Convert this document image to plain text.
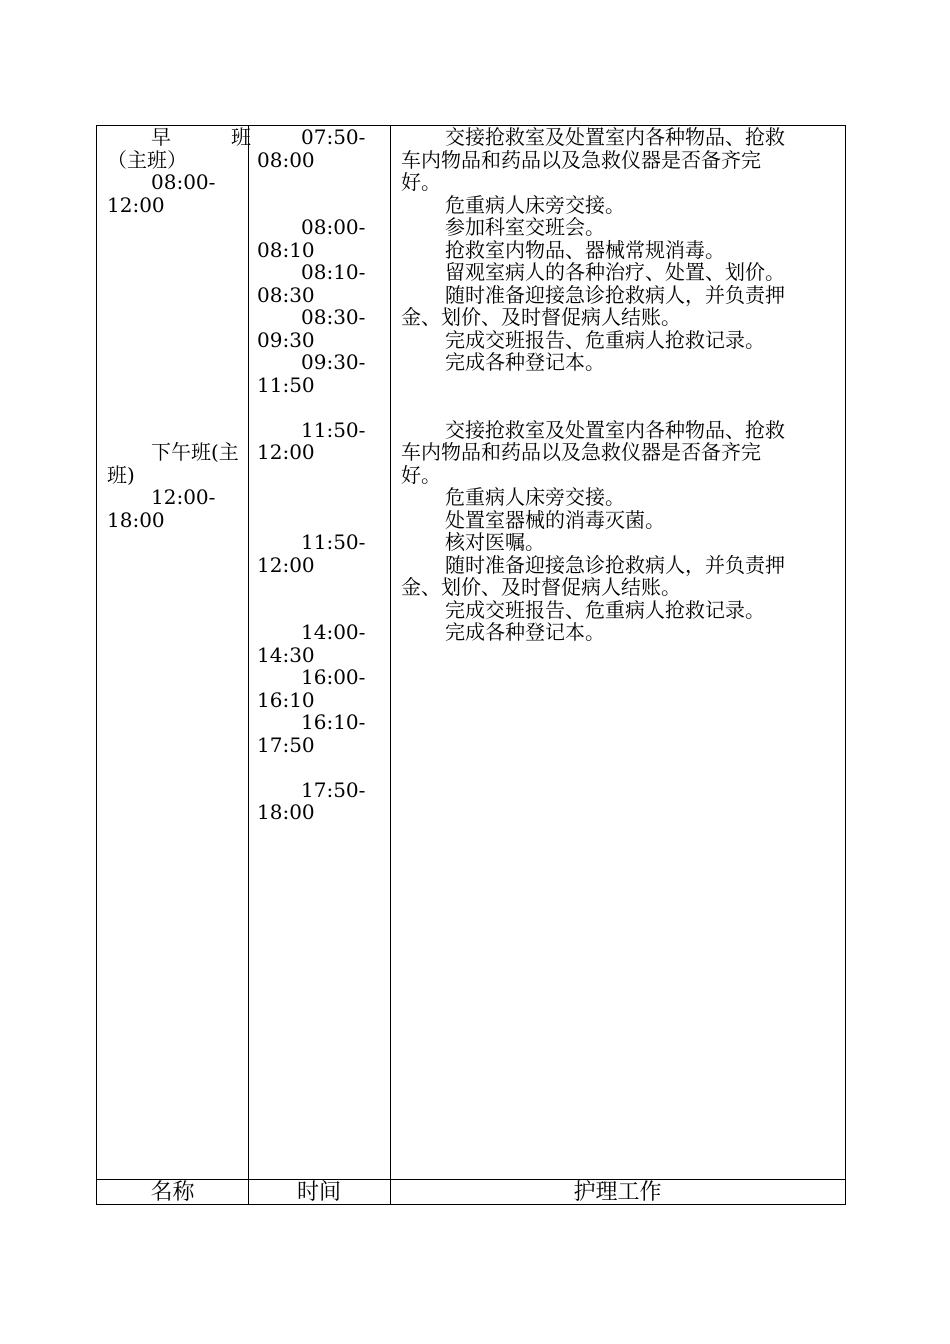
早　　　班
（主班）
08:00-
12:00
07:50-
08:00
08:00-
08:10
08:10-
08:30
08:30-
09:30
09:30-
11:50
交接抢救室及处置室内各种物品、抢救
车内物品和药品以及急救仪器是否备齐完
好。
危重病人床旁交接。
参加科室交班会。
抢救室内物品、器械常规消毒。
留观室病人的各种治疗、处置、划价。
随时准备迎接急诊抢救病人，并负责押
金、划价、及时督促病人结账。
完成交班报告、危重病人抢救记录。
完成各种登记本。
下午班(主
班)
12:00-
18:00
11:50-
12:00
11:50-
12:00
14:00-
14:30
16:00-
16:10
16:10-
17:50
17:50-
18:00
交接抢救室及处置室内各种物品、抢救
车内物品和药品以及急救仪器是否备齐完
好。
危重病人床旁交接。
处置室器械的消毒灭菌。
核对医嘱。
随时准备迎接急诊抢救病人，并负责押
金、划价、及时督促病人结账。
完成交班报告、危重病人抢救记录。
完成各种登记本。
名称	时间	护理工作
